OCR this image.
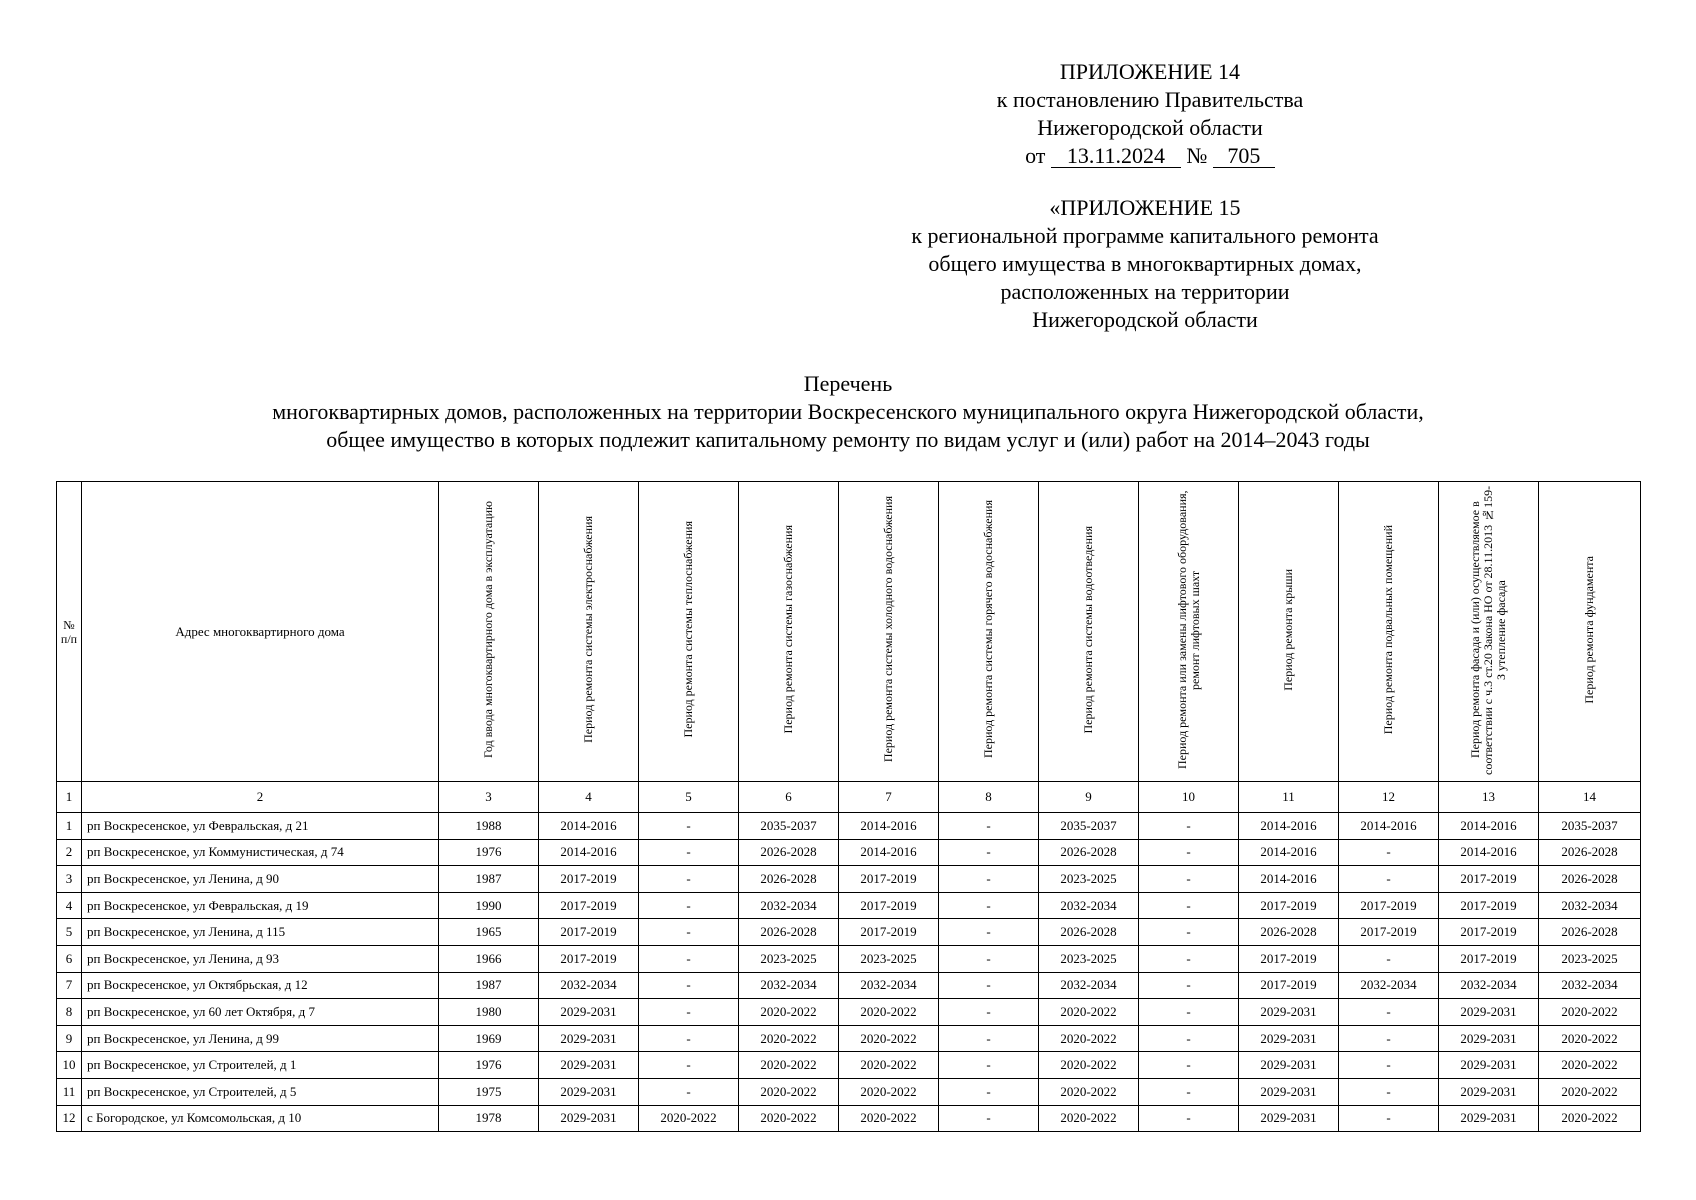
ПРИЛОЖЕНИЕ 14
к постановлению Правительства
Нижегородской области
от 13.11.2024 № 705
«ПРИЛОЖЕНИЕ 15
к региональной программе капитального ремонта
общего имущества в многоквартирных домах,
расположенных на территории
Нижегородской области
Перечень
многоквартирных домов, расположенных на территории Воскресенского муниципального округа Нижегородской области,
общее имущество в которых подлежит капитальному ремонту по видам услуг и (или) работ на 2014–2043 годы
№ п/п	Адрес многоквартирного дома	Год ввода многоквартирного дома в эксплуатацию	Период ремонта системы электроснабжения	Период ремонта системы теплоснабжения	Период ремонта системы газоснабжения	Период ремонта системы холодного водоснабжения	Период ремонта системы горячего водоснабжения	Период ремонта системы водоотведения	Период ремонта или замены лифтового оборудования, ремонт лифтовых шахт	Период ремонта крыши	Период ремонта подвальных помещений	Период ремонта фасада и (или) осуществляемое в соответствии с ч.3 ст.20 Закона НО от 28.11.2013 №159-З утепление фасада	Период ремонта фундамента
1	2	3	4	5	6	7	8	9	10	11	12	13	14
1	рп Воскресенское, ул Февральская, д 21	1988	2014-2016	-	2035-2037	2014-2016	-	2035-2037	-	2014-2016	2014-2016	2014-2016	2035-2037
2	рп Воскресенское, ул Коммунистическая, д 74	1976	2014-2016	-	2026-2028	2014-2016	-	2026-2028	-	2014-2016	-	2014-2016	2026-2028
3	рп Воскресенское, ул Ленина, д 90	1987	2017-2019	-	2026-2028	2017-2019	-	2023-2025	-	2014-2016	-	2017-2019	2026-2028
4	рп Воскресенское, ул Февральская, д 19	1990	2017-2019	-	2032-2034	2017-2019	-	2032-2034	-	2017-2019	2017-2019	2017-2019	2032-2034
5	рп Воскресенское, ул Ленина, д 115	1965	2017-2019	-	2026-2028	2017-2019	-	2026-2028	-	2026-2028	2017-2019	2017-2019	2026-2028
6	рп Воскресенское, ул Ленина, д 93	1966	2017-2019	-	2023-2025	2023-2025	-	2023-2025	-	2017-2019	-	2017-2019	2023-2025
7	рп Воскресенское, ул Октябрьская, д 12	1987	2032-2034	-	2032-2034	2032-2034	-	2032-2034	-	2017-2019	2032-2034	2032-2034	2032-2034
8	рп Воскресенское, ул 60 лет Октября, д 7	1980	2029-2031	-	2020-2022	2020-2022	-	2020-2022	-	2029-2031	-	2029-2031	2020-2022
9	рп Воскресенское, ул Ленина, д 99	1969	2029-2031	-	2020-2022	2020-2022	-	2020-2022	-	2029-2031	-	2029-2031	2020-2022
10	рп Воскресенское, ул Строителей, д 1	1976	2029-2031	-	2020-2022	2020-2022	-	2020-2022	-	2029-2031	-	2029-2031	2020-2022
11	рп Воскресенское, ул Строителей, д 5	1975	2029-2031	-	2020-2022	2020-2022	-	2020-2022	-	2029-2031	-	2029-2031	2020-2022
12	с Богородское, ул Комсомольская, д 10	1978	2029-2031	2020-2022	2020-2022	2020-2022	-	2020-2022	-	2029-2031	-	2029-2031	2020-2022
